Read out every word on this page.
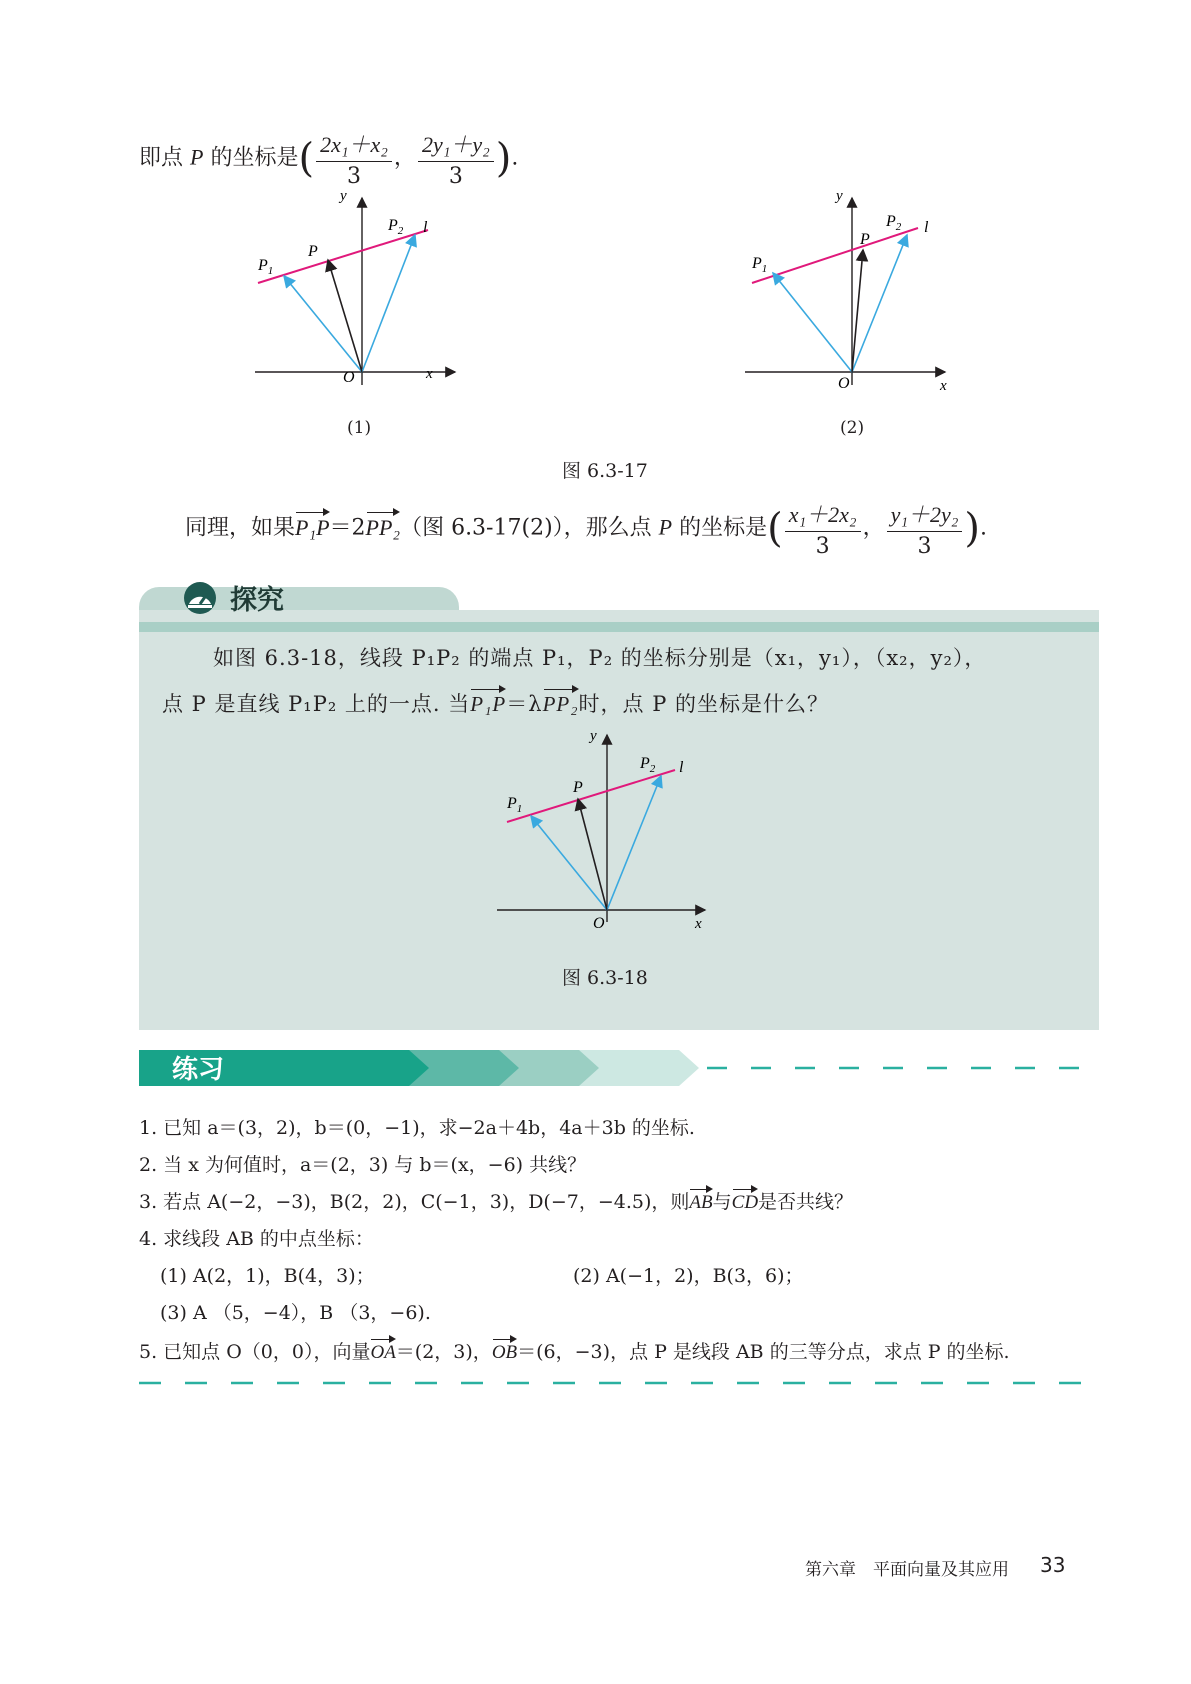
即点 P 的坐标是( $\frac{\text{2x₁＋x₂}}{3}$ ， $\frac{\text{2y₁＋y₂}}{3}$ ).
y
x
O
$P_1$
P
$P_2$ l
(1)
y
x
O
$P_1$
P
$P_2$ l
(2)
图 6.3-17
同理，如果P₁P＝2PP₂（图 6.3-17(2)），那么点 P 的坐标是( $\frac{\text{x₁＋2x₂}}{3}$ ， $\frac{\text{y₁＋2y₂}}{3}$ ).
探究
如图 6.3-18，线段 P₁P₂ 的端点 P₁，P₂ 的坐标分别是（x₁，y₁），（x₂，y₂），
点 P 是直线 P₁P₂ 上的一点. 当P₁P＝λPP₂时，点 P 的坐标是什么？
y
x
O
$P_1$
P
$P_2$ l
图 6.3-18
练习
1. 已知 a＝(3，2)，b＝(0，−1)，求−2a＋4b，4a＋3b 的坐标.
2. 当 x 为何值时，a＝(2，3) 与 b＝(x，−6) 共线？
3. 若点 A(−2，−3)，B(2，2)，C(−1，3)，D(−7，−4.5)，则AB与CD是否共线？
4. 求线段 AB 的中点坐标：
(1) A(2，1)，B(4，3)；	(2) A(−1，2)，B(3，6)；
(3) A （5，−4），B （3，−6).
5. 已知点 O（0，0），向量OA＝(2，3)，OB＝(6，−3)，点 P 是线段 AB 的三等分点，求点 P 的坐标.
第六章　平面向量及其应用 33
